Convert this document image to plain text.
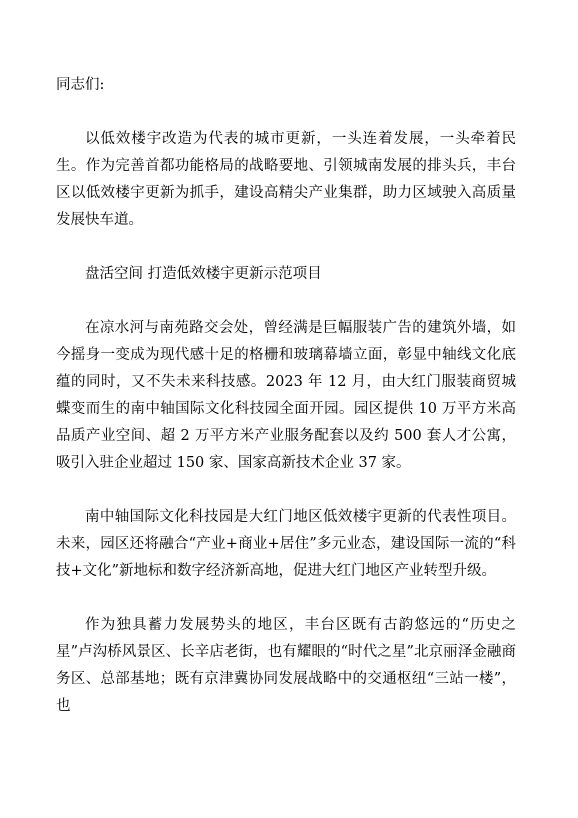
同志们:

以低效楼宇改造为代表的城市更新，一头连着发展，一头牵着民生。作为完善首都功能格局的战略要地、引领城南发展的排头兵，丰台区以低效楼宇更新为抓手，建设高精尖产业集群，助力区域驶入高质量发展快车道。

盘活空间 打造低效楼宇更新示范项目

在凉水河与南苑路交会处，曾经满是巨幅服装广告的建筑外墙，如今摇身一变成为现代感十足的格栅和玻璃幕墙立面，彰显中轴线文化底蕴的同时，又不失未来科技感。2023 年 12 月，由大红门服装商贸城蝶变而生的南中轴国际文化科技园全面开园。园区提供 10 万平方米高品质产业空间、超 2 万平方米产业服务配套以及约 500 套人才公寓，吸引入驻企业超过 150 家、国家高新技术企业 37 家。

南中轴国际文化科技园是大红门地区低效楼宇更新的代表性项目。未来，园区还将融合“产业+商业+居住”多元业态，建设国际一流的“科技+文化”新地标和数字经济新高地，促进大红门地区产业转型升级。

作为独具蓄力发展势头的地区，丰台区既有古韵悠远的“历史之星”卢沟桥风景区、长辛店老街，也有耀眼的“时代之星”北京丽泽金融商务区、总部基地；既有京津冀协同发展战略中的交通枢纽“三站一楼”，也
